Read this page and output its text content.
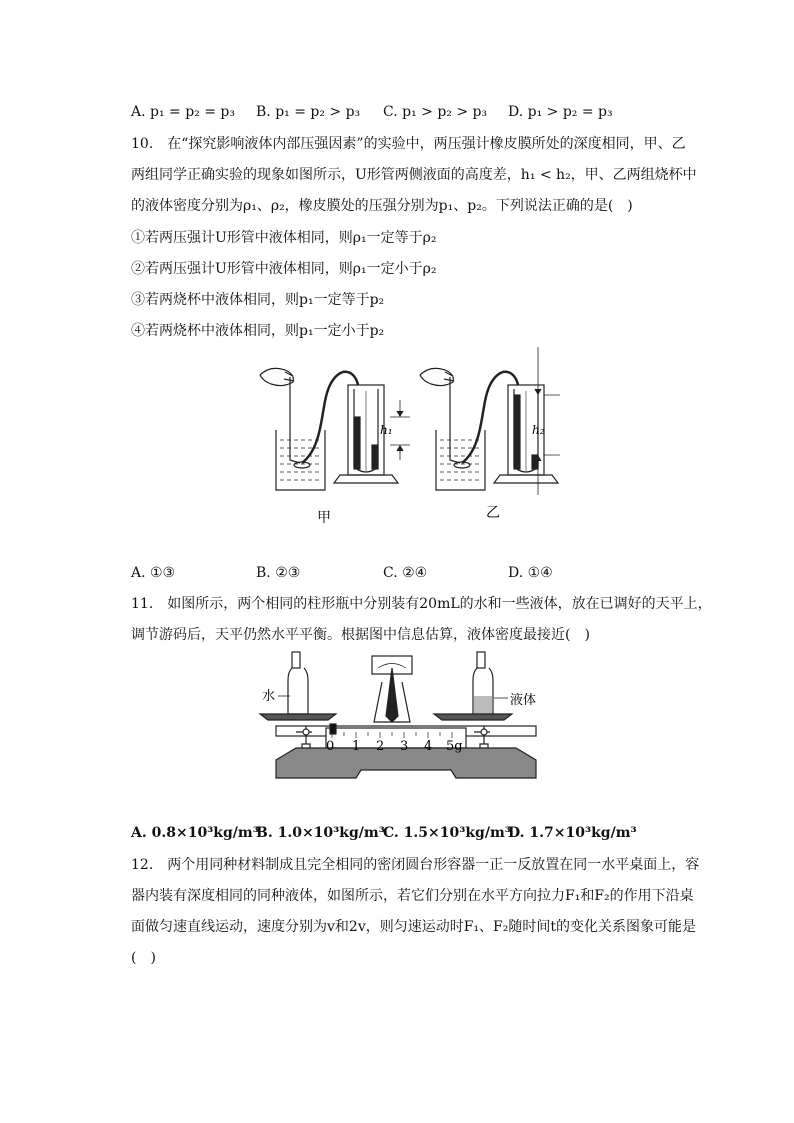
A. p₁ = p₂ = p₃ B. p₁ = p₂ > p₃ C. p₁ > p₂ > p₃ D. p₁ > p₂ = p₃
10.　在“探究影响液体内部压强因素”的实验中，两压强计橡皮膜所处的深度相同，甲、乙
两组同学正确实验的现象如图所示，U形管两侧液面的高度差，h₁ < h₂，甲、乙两组烧杯中
的液体密度分别为ρ₁、ρ₂，橡皮膜处的压强分别为p₁、p₂。下列说法正确的是(　)
①若两压强计U形管中液体相同，则ρ₁一定等于ρ₂
②若两压强计U形管中液体相同，则ρ₁一定小于ρ₂
③若两烧杯中液体相同，则p₁一定等于p₂
④若两烧杯中液体相同，则p₁一定小于p₂
h₁	h₂
甲	乙
A. ①③	B. ②③	C. ②④	D. ①④
11.　如图所示，两个相同的柱形瓶中分别装有20mL的水和一些液体，放在已调好的天平上，
调节游码后，天平仍然水平平衡。根据图中信息估算，液体密度最接近(　)
水	液体
0 1 2 3 4 5g
A. 0.8×10³kg/m³
B. 1.0×10³kg/m³
C. 1.5×10³kg/m³
D. 1.7×10³kg/m³
12.　两个用同种材料制成且完全相同的密闭圆台形容器一正一反放置在同一水平桌面上，容
器内装有深度相同的同种液体，如图所示，若它们分别在水平方向拉力F₁和F₂的作用下沿桌
面做匀速直线运动，速度分别为v和2v，则匀速运动时F₁、F₂随时间t的变化关系图象可能是
(　)
